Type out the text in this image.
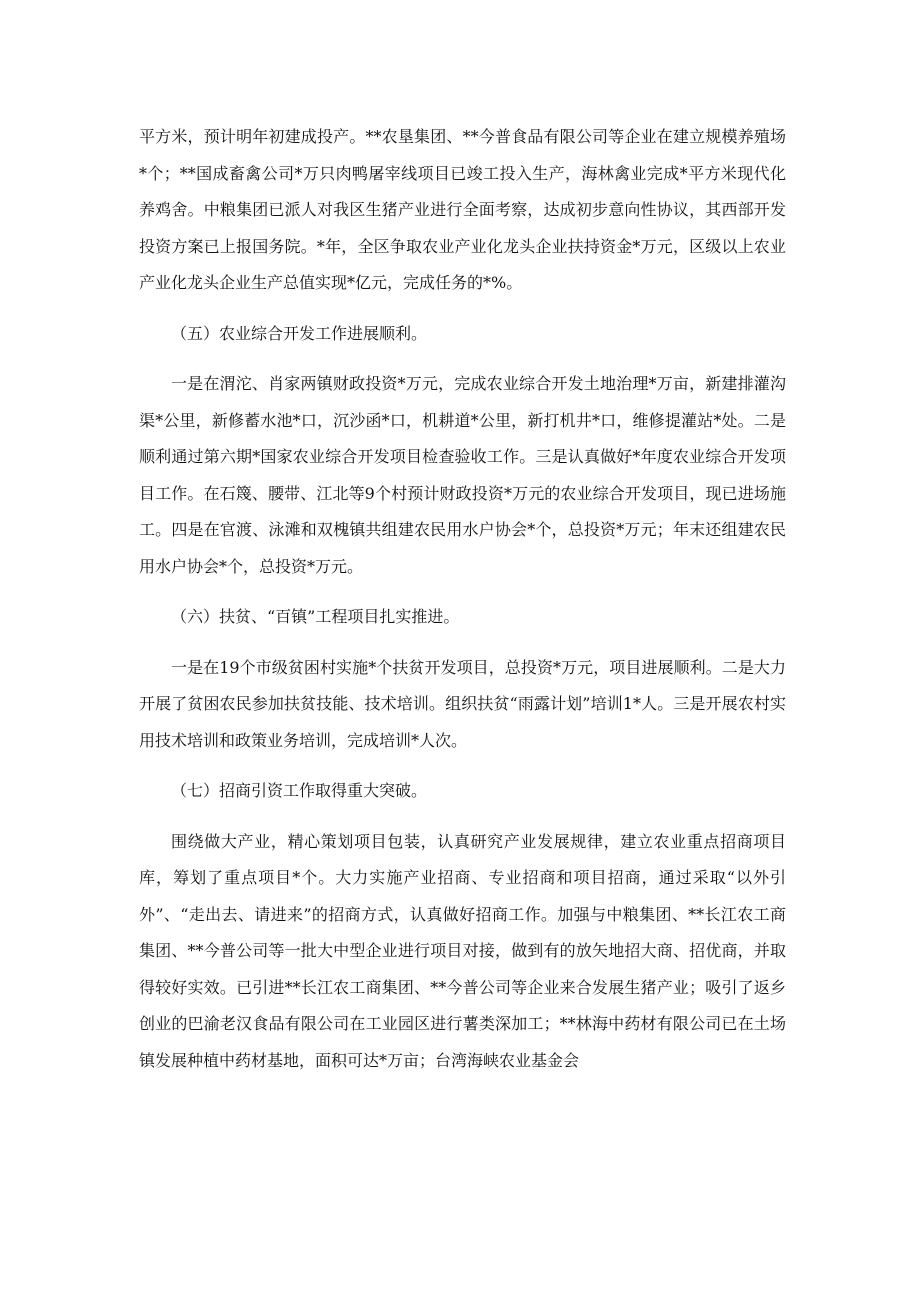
平方米，预计明年初建成投产。**农垦集团、**今普食品有限公司等企业在建立规模养殖场*个；**国成畜禽公司*万只肉鸭屠宰线项目已竣工投入生产，海林禽业完成*平方米现代化养鸡舍。中粮集团已派人对我区生猪产业进行全面考察，达成初步意向性协议，其西部开发投资方案已上报国务院。*年，全区争取农业产业化龙头企业扶持资金*万元，区级以上农业产业化龙头企业生产总值实现*亿元，完成任务的*%。

（五）农业综合开发工作进展顺利。

一是在渭沱、肖家两镇财政投资*万元，完成农业综合开发土地治理*万亩，新建排灌沟渠*公里，新修蓄水池*口，沉沙函*口，机耕道*公里，新打机井*口，维修提灌站*处。二是顺利通过第六期*国家农业综合开发项目检查验收工作。三是认真做好*年度农业综合开发项目工作。在石篾、腰带、江北等9个村预计财政投资*万元的农业综合开发项目，现已进场施工。四是在官渡、泳滩和双槐镇共组建农民用水户协会*个，总投资*万元；年末还组建农民用水户协会*个，总投资*万元。

（六）扶贫、“百镇”工程项目扎实推进。

一是在19个市级贫困村实施*个扶贫开发项目，总投资*万元，项目进展顺利。二是大力开展了贫困农民参加扶贫技能、技术培训。组织扶贫“雨露计划”培训1*人。三是开展农村实用技术培训和政策业务培训，完成培训*人次。

（七）招商引资工作取得重大突破。

围绕做大产业，精心策划项目包装，认真研究产业发展规律，建立农业重点招商项目库，筹划了重点项目*个。大力实施产业招商、专业招商和项目招商，通过采取“以外引外”、“走出去、请进来”的招商方式，认真做好招商工作。加强与中粮集团、**长江农工商集团、**今普公司等一批大中型企业进行项目对接，做到有的放矢地招大商、招优商，并取得较好实效。已引进**长江农工商集团、**今普公司等企业来合发展生猪产业；吸引了返乡创业的巴渝老汉食品有限公司在工业园区进行薯类深加工；**林海中药材有限公司已在土场镇发展种植中药材基地，面积可达*万亩；台湾海峡农业基金会
